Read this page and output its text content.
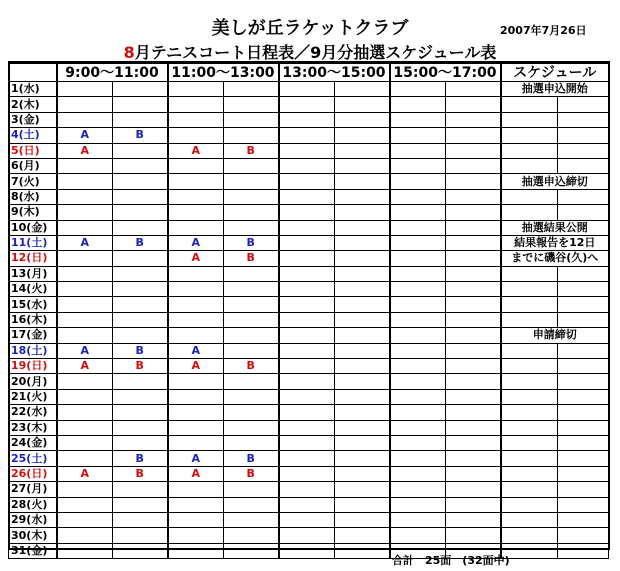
美しが丘ラケットクラブ	2007年7月26日
8月テニスコート日程表／9月分抽選スケジュール表
	9:00～11:00		11:00～13:00		13:00～15:00		15:00～17:00		スケジュール
1(水)									抽選申込開始
2(木)									
3(金)									
4(土)	A	B							
5(日)	A		A	B					
6(月)									
7(火)									抽選申込締切
8(水)									
9(木)									
10(金)									抽選結果公開
11(土)	A	B	A	B					結果報告を12日
12(日)			A	B					までに磯谷(久)へ
13(月)									
14(火)									
15(水)									
16(木)									
17(金)									申請締切
18(土)	A	B	A						
19(日)	A	B	A	B					
20(月)									
21(火)									
22(水)									
23(木)									
24(金)									
25(土)		B	A	B					
26(日)	A	B	A	B					
27(月)									
28(火)									
29(水)									
30(木)									
31(金)									
合計　25面　(32面中)
